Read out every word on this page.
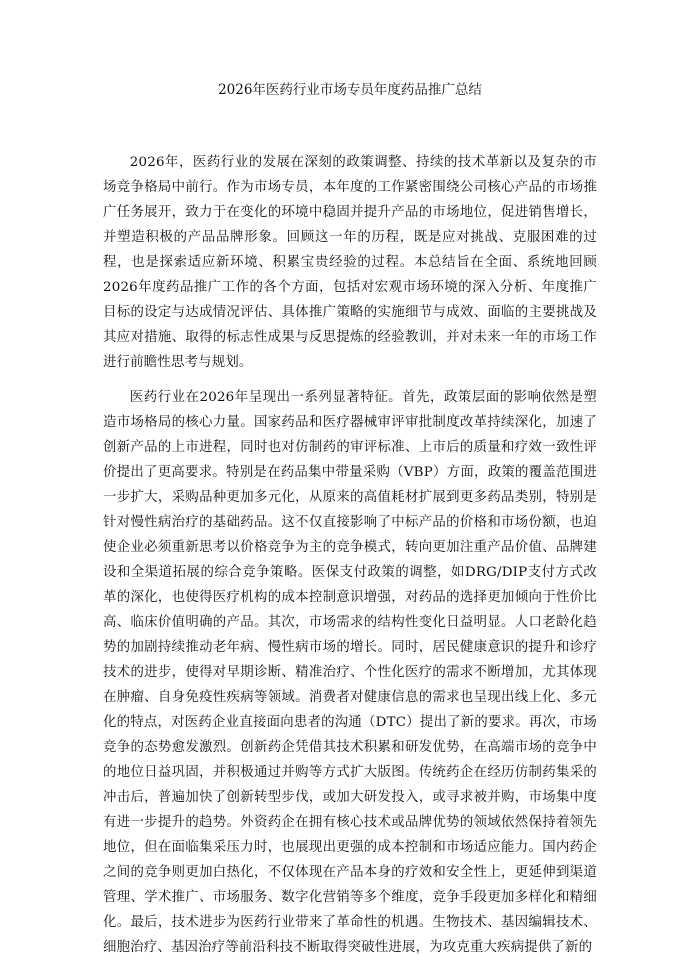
2026年医药行业市场专员年度药品推广总结

2026年，医药行业的发展在深刻的政策调整、持续的技术革新以及复杂的市场竞争格局中前行。作为市场专员，本年度的工作紧密围绕公司核心产品的市场推广任务展开，致力于在变化的环境中稳固并提升产品的市场地位，促进销售增长，并塑造积极的产品品牌形象。回顾这一年的历程，既是应对挑战、克服困难的过程，也是探索适应新环境、积累宝贵经验的过程。本总结旨在全面、系统地回顾2026年度药品推广工作的各个方面，包括对宏观市场环境的深入分析、年度推广目标的设定与达成情况评估、具体推广策略的实施细节与成效、面临的主要挑战及其应对措施、取得的标志性成果与反思提炼的经验教训，并对未来一年的市场工作进行前瞻性思考与规划。

医药行业在2026年呈现出一系列显著特征。首先，政策层面的影响依然是塑造市场格局的核心力量。国家药品和医疗器械审评审批制度改革持续深化，加速了创新产品的上市进程，同时也对仿制药的审评标准、上市后的质量和疗效一致性评价提出了更高要求。特别是在药品集中带量采购（VBP）方面，政策的覆盖范围进一步扩大，采购品种更加多元化，从原来的高值耗材扩展到更多药品类别，特别是针对慢性病治疗的基础药品。这不仅直接影响了中标产品的价格和市场份额，也迫使企业必须重新思考以价格竞争为主的竞争模式，转向更加注重产品价值、品牌建设和全渠道拓展的综合竞争策略。医保支付政策的调整，如DRG/DIP支付方式改革的深化，也使得医疗机构的成本控制意识增强，对药品的选择更加倾向于性价比高、临床价值明确的产品。其次，市场需求的结构性变化日益明显。人口老龄化趋势的加剧持续推动老年病、慢性病市场的增长。同时，居民健康意识的提升和诊疗技术的进步，使得对早期诊断、精准治疗、个性化医疗的需求不断增加，尤其体现在肿瘤、自身免疫性疾病等领域。消费者对健康信息的需求也呈现出线上化、多元化的特点，对医药企业直接面向患者的沟通（DTC）提出了新的要求。再次，市场竞争的态势愈发激烈。创新药企凭借其技术积累和研发优势，在高端市场的竞争中的地位日益巩固，并积极通过并购等方式扩大版图。传统药企在经历仿制药集采的冲击后，普遍加快了创新转型步伐，或加大研发投入，或寻求被并购，市场集中度有进一步提升的趋势。外资药企在拥有核心技术或品牌优势的领域依然保持着领先地位，但在面临集采压力时，也展现出更强的成本控制和市场适应能力。国内药企之间的竞争则更加白热化，不仅体现在产品本身的疗效和安全性上，更延伸到渠道管理、学术推广、市场服务、数字化营销等多个维度，竞争手段更加多样化和精细化。最后，技术进步为医药行业带来了革命性的机遇。生物技术、基因编辑技术、细胞治疗、基因治疗等前沿科技不断取得突破性进展，为攻克重大疾病提供了新的
